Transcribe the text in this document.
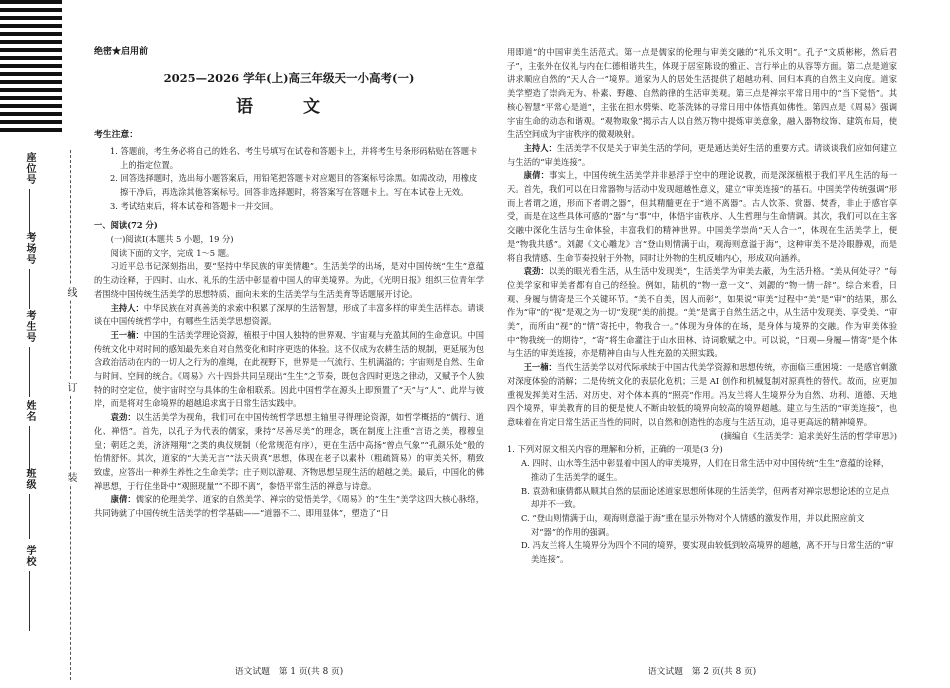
线
订
装
座位号
考场号
考生号
姓名
班级
学校

绝密★启用前

2025—2026 学年(上)高三年级天一小高考(一)

语 文

考生注意：

1. 答题前，考生务必将自己的姓名、考生号填写在试卷和答题卡上，并将考生号条形码粘贴在答题卡上的指定位置。

2. 回答选择题时，选出每小题答案后，用铅笔把答题卡对应题目的答案标号涂黑。如需改动，用橡皮擦干净后，再选涂其他答案标号。回答非选择题时，将答案写在答题卡上。写在本试卷上无效。

3. 考试结束后，将本试卷和答题卡一并交回。

一、阅读(72 分)

(一)阅读Ⅰ(本题共 5 小题，19 分)

阅读下面的文字，完成 1～5 题。

习近平总书记深刻指出，要“坚持中华民族的审美情趣”。生活美学的出场，是对中国传统“生生”意蕴的生动诠释，于四时、山水、礼乐的生活中彰显着中国人的审美境界。为此，《光明日报》组织三位青年学者围绕中国传统生活美学的思想特质、面向未来的生活美学与生活美育等话题展开讨论。

主持人：中华民族在对真善美的求索中积累了深厚的生活智慧，形成了丰富多样的审美生活样态。请谈谈在中国传统哲学中，有哪些生活美学思想资源。

王一楠：中国的生活美学理论资源，植根于中国人独特的世界观、宇宙观与充盈其间的生命意识。中国传统文化中对时间的感知最先来自对自然变化和时序更迭的体验。这不仅成为农耕生活的规制，更延展为包含政治活动在内的一切人之行为的准绳，在此视野下，世界是一气流行、生机满溢的；宇宙则是自然、生命与时间、空间的统合。《周易》六十四卦共同呈现出“生生”之节奏，既包含四时更迭之律动，又赋予个人独特的时空定位，使宇宙时空与具体的生命相联系。因此中国哲学在源头上即预置了“天”与“人”、此岸与彼岸，而是将对生命境界的超越追求寓于日常生活实践中。

袁劲：以生活美学为视角，我们可在中国传统哲学思想主轴里寻得理论资源，如哲学概括的“儒行、道化、禅悟”。首先，以孔子为代表的儒家，秉持“尽善尽美”的理念，既在制度上注重“言语之美，穆穆皇皇；朝廷之美，济济翔翔”之类的典仪规制（伦常规范有序），更在生活中高扬“曾点气象”“孔颜乐处”般的怡情舒怀。其次，道家的“大美无言”“法天贵真”思想，体现在老子以素朴（粗疏简易）的审美关怀，精致致虚，应答出一种养生养性之生命美学；庄子则以游观、齐物思想呈现生活的超越之美。最后，中国化的佛禅思想，于行住坐卧中“观照现量”“不即不离”，参悟平常生活的禅意与诗意。

康倩：儒家的伦理美学、道家的自然美学、禅宗的觉悟美学，《周易》的“生生”美学这四大核心脉络，共同铸就了中国传统生活美学的哲学基础——“道器不二、即用显体”，塑造了“日

语文试题　第 1 页(共 8 页)

用即道”的中国审美生活范式。第一点是儒家的伦理与审美交融的“礼乐文明”。孔子“文质彬彬，然后君子”，主张外在仪礼与内在仁德相谐共生，体现于居室陈设的雅正、言行举止的从容等方面。第二点是道家讲求顺应自然的“天人合一”境界。道家为人的居处生活提供了超越功利、回归本真的自然主义向度。道家美学塑造了崇尚无为、朴素、野趣、自然韵律的生活审美观。第三点是禅宗平常日用中的“当下觉悟”。其核心智慧“平常心是道”，主张在担水劈柴、吃茶洗钵的寻常日用中体悟真如佛性。第四点是《周易》强调宇宙生命的动态和谐观。“观物取象”揭示古人以自然万物中提炼审美意象，融入器物纹饰、建筑布局，使生活空间成为宇宙秩序的微观映射。

主持人：生活美学不仅是关于审美生活的学问，更是通达美好生活的重要方式。请谈谈我们应如何建立与生活的“审美连接”。

康倩：事实上，中国传统生活美学并非悬浮于空中的理论说教，而是深深植根于我们平凡生活的每一天。首先，我们可以在日常器物与活动中发现超越性意义，建立“审美连接”的基石。中国美学传统强调“形而上者谓之道，形而下者谓之器”，但其精髓更在于“道不离器”。古人饮茶、赏器、焚香，非止于感官享受，而是在这些具体可感的“器”与“事”中，体悟宇宙秩序、人生哲理与生命情调。其次，我们可以在主客交融中深化生活与生命体验，丰富我们的精神世界。中国美学崇尚“天人合一”，体现在生活美学上，便是“物我共感”。刘勰《文心雕龙》言“登山则情满于山，观海则意溢于海”，这种审美不是冷眼静观，而是将自我情感、生命节奏投射于外物，同时让外物的生机反哺内心，形成双向涵养。

袁劲：以美的眼光看生活，从生活中发现美”，生活美学为审美去蔽，为生活升格。“美从何处寻？”每位美学家和审美者都有自己的经验。例如，陆机的“物一意一文”、刘勰的“物一情一辞”。综合来看，日观、身履与情寄是三个关键环节。“美不自美，因人而彰”，如果说“审美”过程中“美”是“审”的结果，那么作为“审”的“视”是观之为一切“发现”美的前提。“美”是寓于自然生活之中，从生活中发现美、享受美、“审美”，而所由“视”的“情”寄托中，物我合一。”体现为身体的在场，是身体与境界的交融。作为审美体验中“物我统一的期待”，“寄”将生命灌注于山水田林、诗词歌赋之中。可以说，“日观—身履—情寄”是个体与生活的审美连接，亦是精神自由与人性充盈的关照实践。

王一楠：当代生活美学以对代际承续于中国古代美学资源和思想传统，亦面临三重困境：一是感官刺激对深度体验的消解；二是传统文化的表层化危机；三是 AI 创作和机械复制对原真性的替代。故而，应更加重视发挥美对生活、对历史、对个体本真的“照亮”作用。冯友兰将人生境界分为自然、功利、道德、天地四个境界，审美教育的目的便是使人不断由较低的境界向较高的境界超越。建立与生活的“审美连接”，也意味着在肯定日常生活正当性的同时，以自然和创造性的态度与生活互动，追寻更高远的精神境界。

(摘编自《生活美学：追求美好生活的哲学审思》)

1. 下列对原文相关内容的理解和分析，正确的一项是(3 分)

A. 四时、山水等生活中彰显着中国人的审美境界，人们在日常生活中对中国传统“生生”意蕴的诠释，推动了生活美学的诞生。

B. 袁劲和康倩都从顺其自然的层面论述道家思想所体现的生活美学，但两者对禅宗思想论述的立足点却并不一致。

C. “登山则情满于山，观海则意溢于海”重在显示外物对个人情感的激发作用，并以此照应前文对“器”的作用的强调。

D. 冯友兰将人生境界分为四个不同的境界，要实现由较低到较高境界的超越，离不开与日常生活的“审美连接”。

语文试题　第 2 页(共 8 页)
